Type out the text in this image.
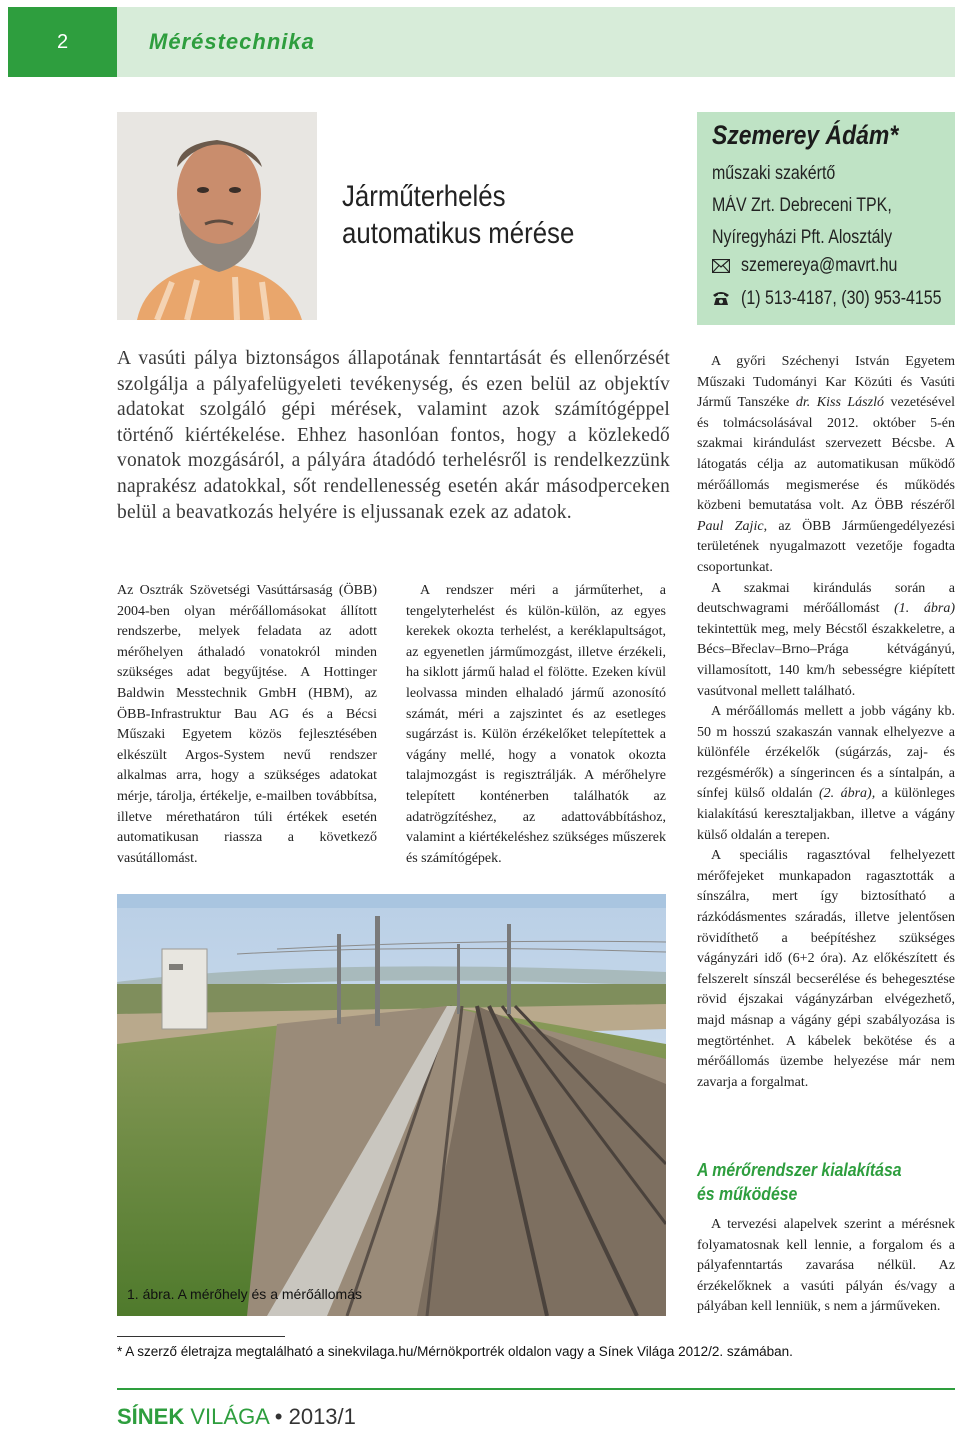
2	Méréstechnika
Járműterhelés
automatikus mérése
Szemerey Ádám*
műszaki szakértő
MÁV Zrt. Debreceni TPK,
Nyíregyházi Pft. Alosztály
szemereya@mavrt.hu
(1) 513-4187, (30) 953-4155
A vasúti pálya biztonságos állapotának fenntartását és ellenőrzését szolgálja a pályafelügyeleti tevékenység, és ezen belül az objektív adatokat szolgáló gépi mérések, valamint azok számítógéppel történő kiértékelése. Ehhez hasonlóan fontos, hogy a közlekedő vonatok mozgásáról, a pályára átadódó terhelésről is rendelkezzünk naprakész adatokkal, sőt rendellenesség esetén akár másodperceken belül a beavatkozás helyére is eljussanak ezek az adatok.

Az Osztrák Szövetségi Vasúttársaság (ÖBB) 2004-ben olyan mérőállomásokat állított rendszerbe, melyek feladata az adott mérőhelyen áthaladó vonatokról minden szükséges adat begyűjtése. A Hottinger Baldwin Messtechnik GmbH (HBM), az ÖBB-Infrastruktur Bau AG és a Bécsi Műszaki Egyetem közös fejlesztésében elkészült Argos-System nevű rendszer alkalmas arra, hogy a szükséges adatokat mérje, tárolja, értékelje, e-mailben továbbítsa, illetve mérethatáron túli értékek esetén automatikusan riassza a következő vasútállomást.

A rendszer méri a járműterhet, a tengelyterhelést és külön-külön, az egyes kerekek okozta terhelést, a keréklapultságot, az egyenetlen járműmozgást, illetve érzékeli, ha siklott jármű halad el fölötte. Ezeken kívül leolvassa minden elhaladó jármű azonosító számát, méri a zajszintet és az esetleges sugárzást is. Külön érzékelőket telepítettek a vágány mellé, hogy a vonatok okozta talajmozgást is regisztrálják. A mérőhelyre telepített konténerben találhatók az adatrögzítéshez, az adattovábbításhoz, valamint a kiértékeléshez szükséges műszerek és számítógépek.

A győri Széchenyi István Egyetem Műszaki Tudományi Kar Közúti és Vasúti Jármű Tanszéke dr. Kiss László vezetésével és tolmácsolásával 2012. október 5-én szakmai kirándulást szervezett Bécsbe. A látogatás célja az automatikusan működő mérőállomás megismerése és működés közbeni bemutatása volt. Az ÖBB részéről Paul Zajic, az ÖBB Járműengedélyezési területének nyugalmazott vezetője fogadta csoportunkat.

A szakmai kirándulás során a deutschwagrami mérőállomást (1. ábra) tekintettük meg, mely Bécstől északkeletre, a Bécs–Břeclav–Brno–Prága kétvágányú, villamosított, 140 km/h sebességre kiépített vasútvonal mellett található.

A mérőállomás mellett a jobb vágány kb. 50 m hosszú szakaszán vannak elhelyezve a különféle érzékelők (súgárzás, zaj- és rezgésmérők) a síngerincen és a síntalpán, a sínfej külső oldalán (2. ábra), a különleges kialakítású keresztaljakban, illetve a vágány külső oldalán a terepen.

A speciális ragasztóval felhelyezett mérőfejeket munkapadon ragasztották a sínszálra, mert így biztosítható a rázkódásmentes száradás, illetve jelentősen rövidíthető a beépítéshez szükséges vágányzári idő (6+2 óra). Az előkészített és felszerelt sínszál becserélése és behegesztése rövid éjszakai vágányzárban elvégezhető, majd másnap a vágány gépi szabályozása is megtörténhet. A kábelek bekötése és a mérőállomás üzembe helyezése már nem zavarja a forgalmat.

A mérőrendszer kialakítása
és működése

A tervezési alapelvek szerint a mérésnek folyamatosnak kell lennie, a forgalom és a pályafenntartás zavarása nélkül. Az érzékelőknek a vasúti pályán és/vagy a pályában kell lenniük, s nem a járműveken.

1. ábra. A mérőhely és a mérőállomás
* A szerző életrajza megtalálható a sinekvilaga.hu/Mérnökportrék oldalon vagy a Sínek Világa 2012/2. számában.
SÍNEK VILÁGA • 2013/1
